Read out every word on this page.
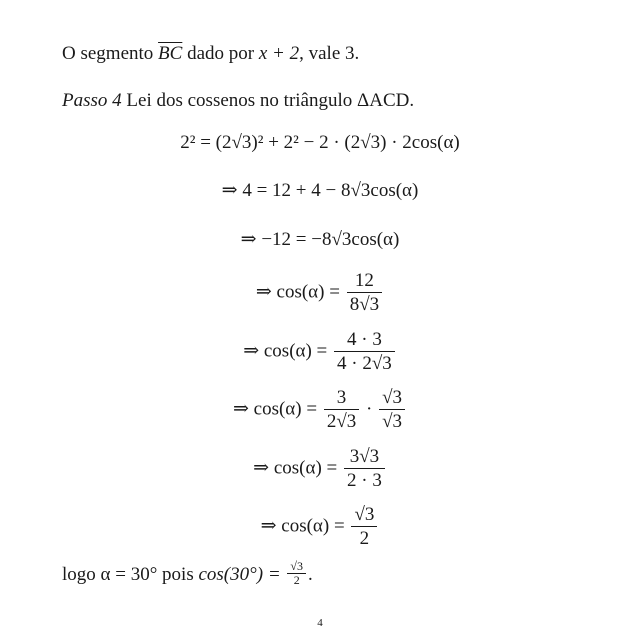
O segmento $\overline{BC}$ dado por x + 2, vale 3.
Passo 4 Lei dos cossenos no triângulo ΔACD.
2² = (2√3)² + 2² − 2 · (2√3) · 2cos(α)
⇒ 4 = 12 + 4 − 8√3cos(α)
⇒ −12 = −8√3cos(α)
⇒ $\cos(\alpha) = \frac{12}{8√3}$
⇒ $\cos(\alpha) = \frac{4 \cdot 3}{4 \cdot 2√3}$
⇒ $\cos(\alpha) = \frac{3}{2√3} \cdot \frac{√3}{√3}$
⇒ $\cos(\alpha) = \frac{3√3}{2 \cdot 3}$
⇒ $\cos(\alpha) = \frac{√3}{2}$
logo α = 30° pois $\cos(30^\circ) = \frac{√3}{2}$ .
4
